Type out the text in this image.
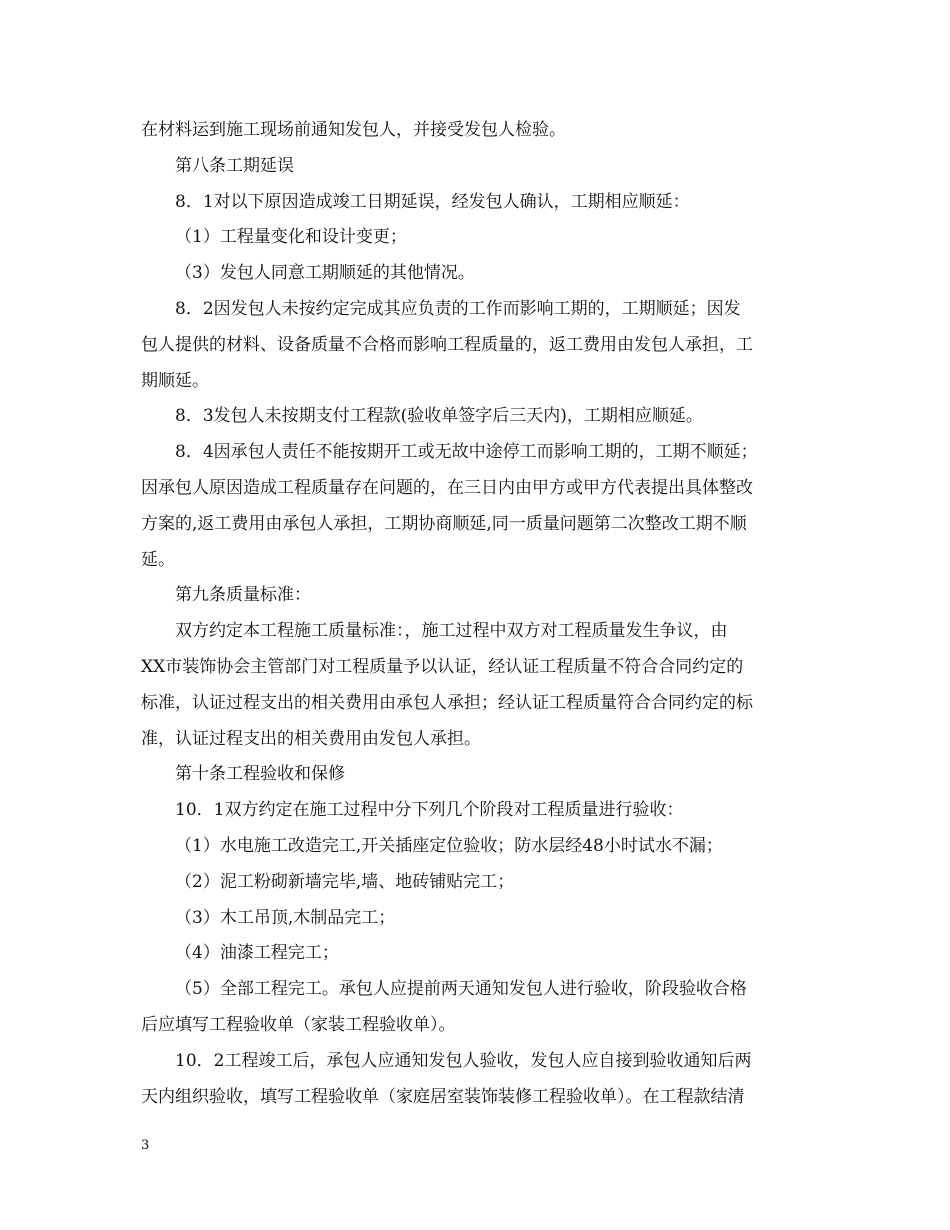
在材料运到施工现场前通知发包人，并接受发包人检验。

第八条工期延误

8．1对以下原因造成竣工日期延误，经发包人确认，工期相应顺延：

（1）工程量变化和设计变更；

（3）发包人同意工期顺延的其他情况。

8．2因发包人未按约定完成其应负责的工作而影响工期的，工期顺延；因发

包人提供的材料、设备质量不合格而影响工程质量的，返工费用由发包人承担，工

期顺延。

8．3发包人未按期支付工程款(验收单签字后三天内)，工期相应顺延。

8．4因承包人责任不能按期开工或无故中途停工而影响工期的，工期不顺延；

因承包人原因造成工程质量存在问题的，在三日内由甲方或甲方代表提出具体整改

方案的,返工费用由承包人承担，工期协商顺延,同一质量问题第二次整改工期不顺

延。

第九条质量标准：

双方约定本工程施工质量标准：，施工过程中双方对工程质量发生争议，由

XX市装饰协会主管部门对工程质量予以认证，经认证工程质量不符合合同约定的

标准，认证过程支出的相关费用由承包人承担；经认证工程质量符合合同约定的标

准，认证过程支出的相关费用由发包人承担。

第十条工程验收和保修

10．1双方约定在施工过程中分下列几个阶段对工程质量进行验收：

（1）水电施工改造完工,开关插座定位验收；防水层经48小时试水不漏；

（2）泥工粉砌新墙完毕,墙、地砖铺贴完工；

（3）木工吊顶,木制品完工；

（4）油漆工程完工；

（5）全部工程完工。承包人应提前两天通知发包人进行验收，阶段验收合格

后应填写工程验收单（家装工程验收单）。

10．2工程竣工后，承包人应通知发包人验收，发包人应自接到验收通知后两

天内组织验收，填写工程验收单（家庭居室装饰装修工程验收单）。在工程款结清

3
